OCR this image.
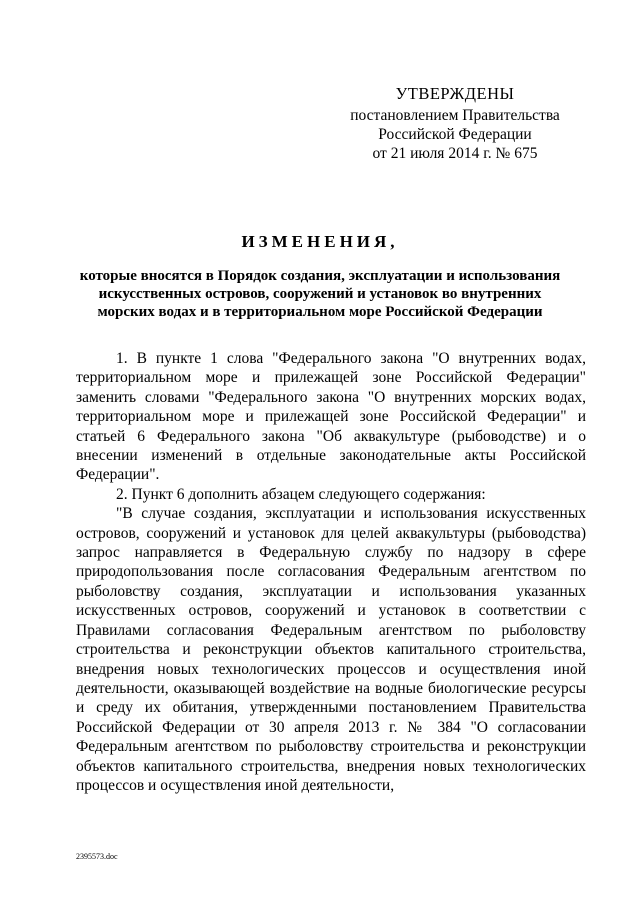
УТВЕРЖДЕНЫ
постановлением Правительства
Российской Федерации
от 21 июля 2014 г. № 675
ИЗМЕНЕНИЯ,
которые вносятся в Порядок создания, эксплуатации и использования искусственных островов, сооружений и установок во внутренних морских водах и в территориальном море Российской Федерации

1. В пункте 1 слова "Федерального закона "О внутренних водах, территориальном море и прилежащей зоне Российской Федерации" заменить словами "Федерального закона "О внутренних морских водах, территориальном море и прилежащей зоне Российской Федерации" и статьей 6 Федерального закона "Об аквакультуре (рыбоводстве) и о внесении изменений в отдельные законодательные акты Российской Федерации".

2. Пункт 6 дополнить абзацем следующего содержания:

"В случае создания, эксплуатации и использования искусственных островов, сооружений и установок для целей аквакультуры (рыбоводства) запрос направляется в Федеральную службу по надзору в сфере природопользования после согласования Федеральным агентством по рыболовству создания, эксплуатации и использования указанных искусственных островов, сооружений и установок в соответствии с Правилами согласования Федеральным агентством по рыболовству строительства и реконструкции объектов капитального строительства, внедрения новых технологических процессов и осуществления иной деятельности, оказывающей воздействие на водные биологические ресурсы и среду их обитания, утвержденными постановлением Правительства Российской Федерации от 30 апреля 2013 г. № 384 "О согласовании Федеральным агентством по рыболовству строительства и реконструкции объектов капитального строительства, внедрения новых технологических процессов и осуществления иной деятельности,

2395573.doc
